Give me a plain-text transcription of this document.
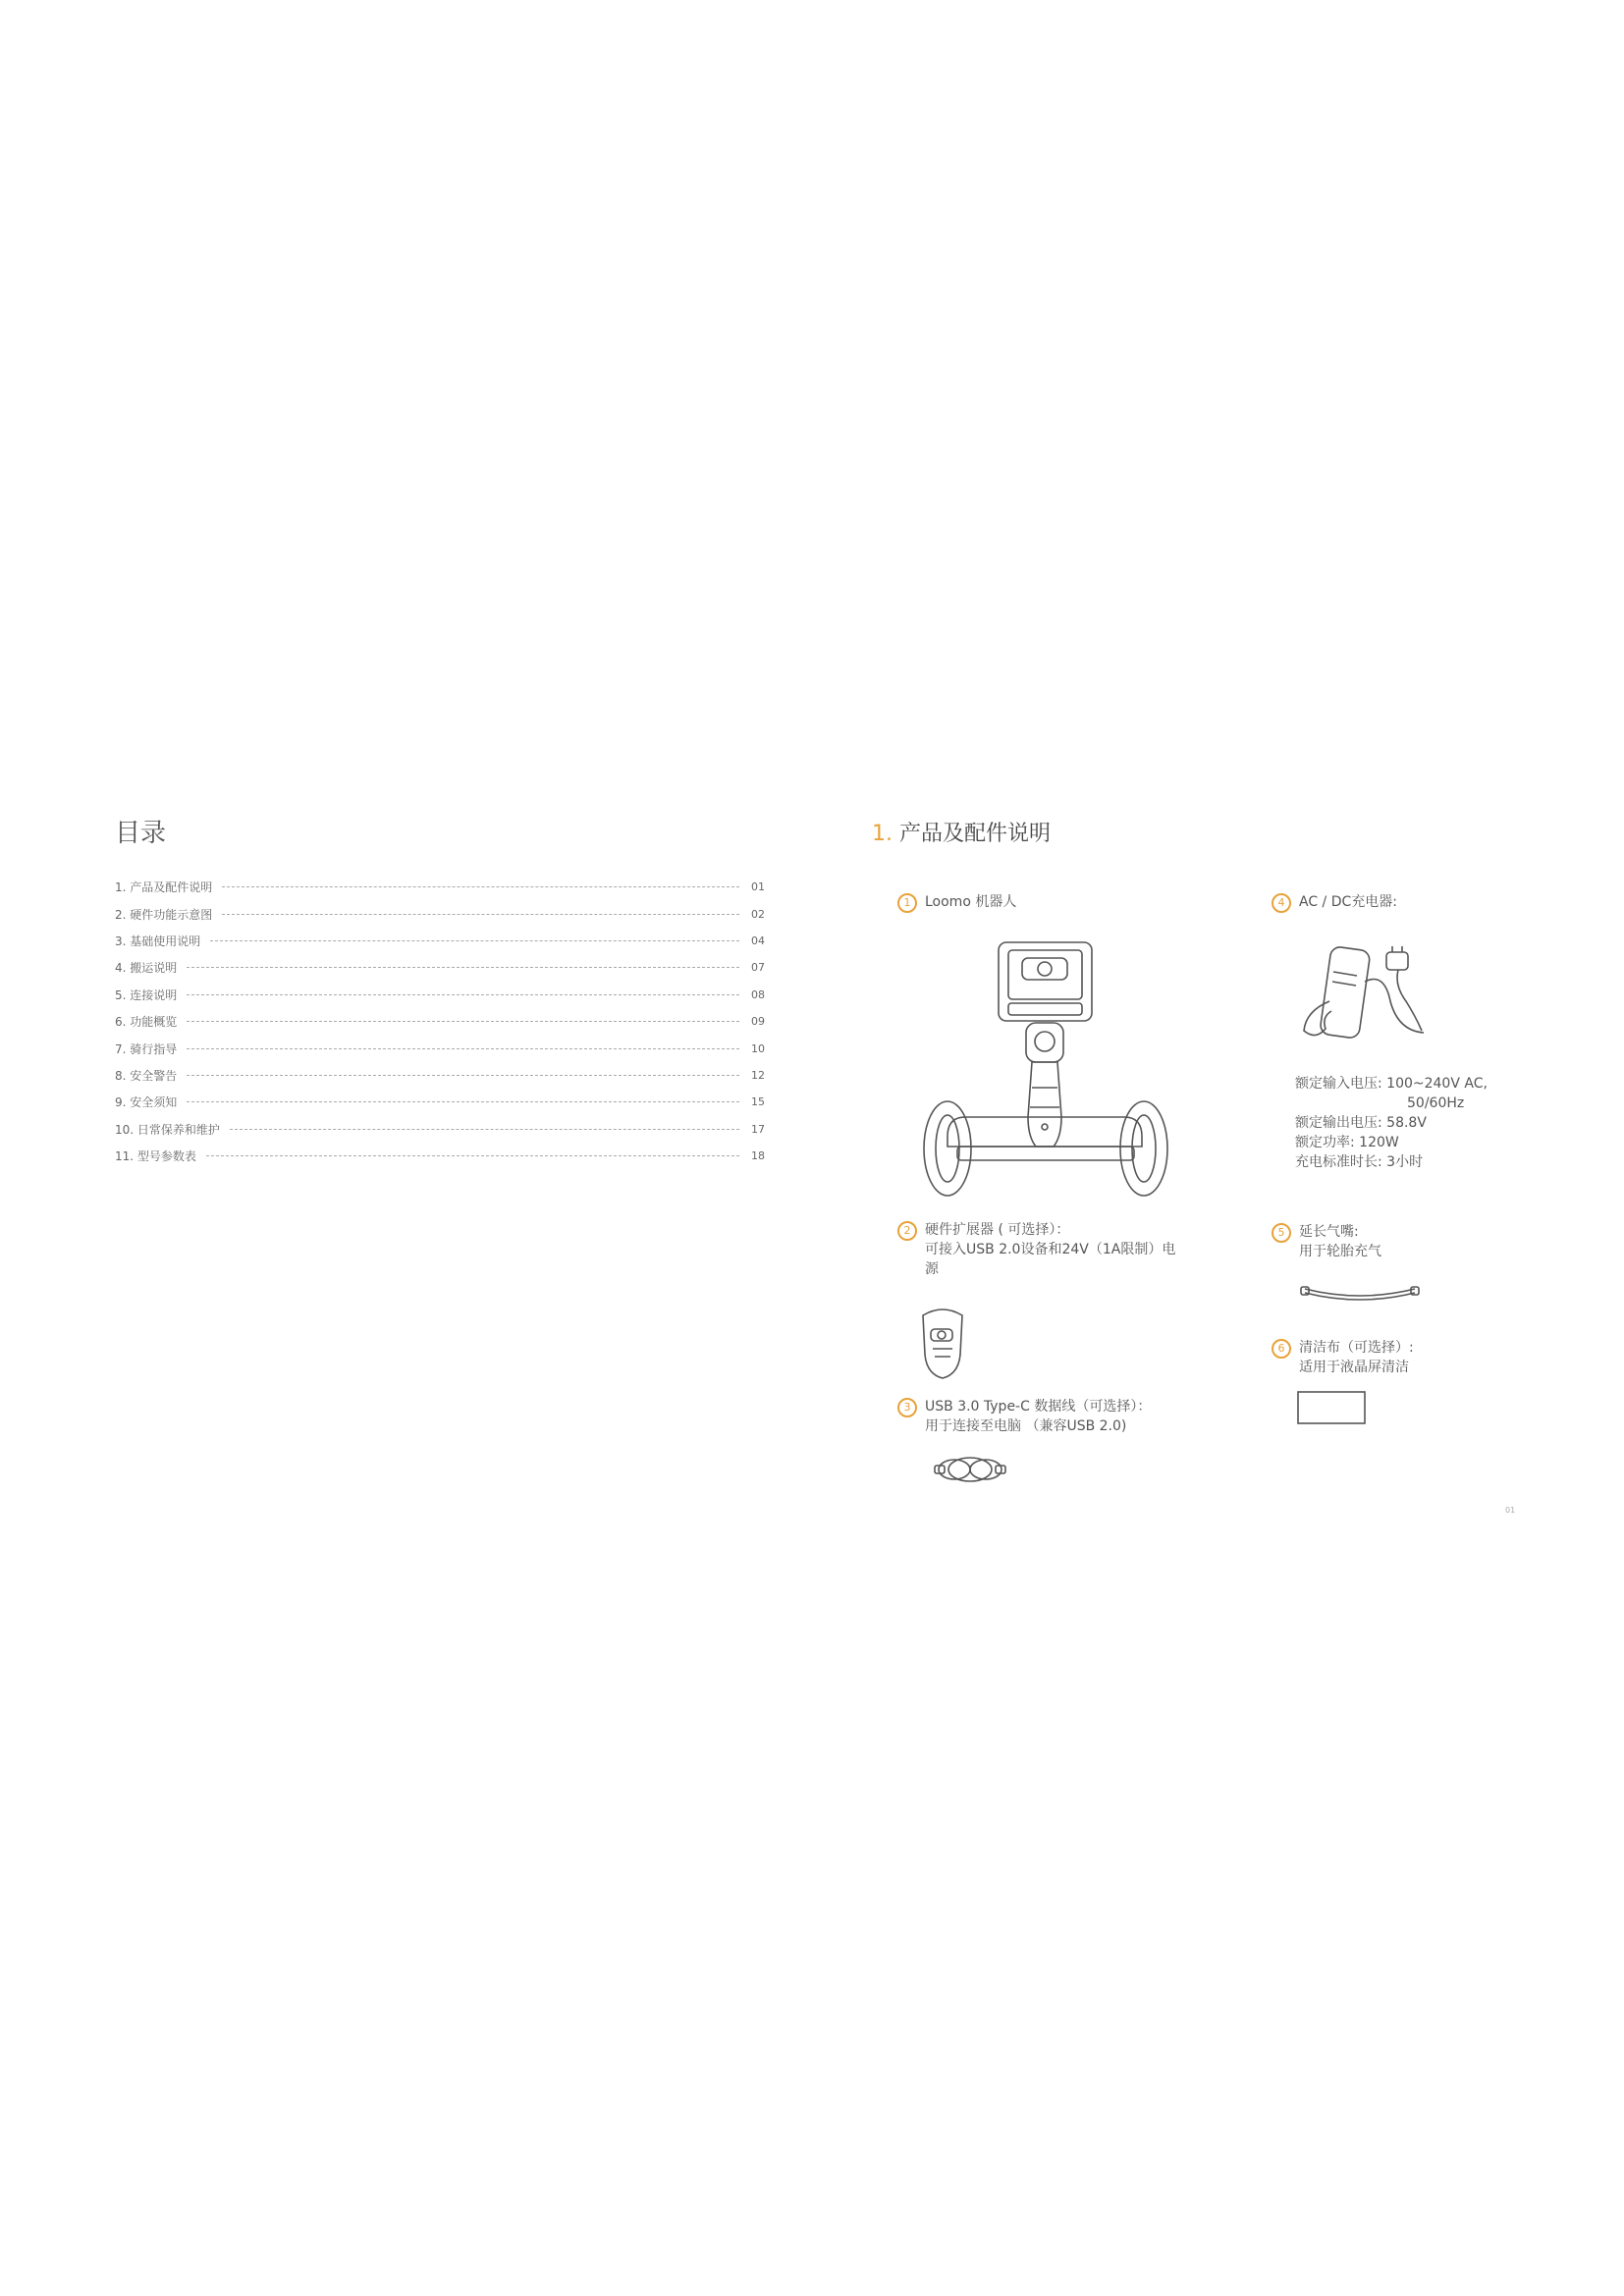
目录
1. 产品及配件说明	01
2. 硬件功能示意图	02
3. 基础使用说明	04
4. 搬运说明	07
5. 连接说明	08
6. 功能概览	09
7. 骑行指导	10
8. 安全警告	12
9. 安全须知	15
10. 日常保养和维护	17
11. 型号参数表	18
1. 产品及配件说明
1	Loomo 机器人
2	硬件扩展器 ( 可选择）：
可接入USB 2.0设备和24V（1A限制）电
源
3	USB 3.0 Type-C 数据线（可选择）：
用于连接至电脑 （兼容USB 2.0)
4	AC / DC充电器:
额定输入电压: 100~240V AC,
50/60Hz
额定输出电压: 58.8V
额定功率: 120W
充电标准时长: 3小时
5	延长气嘴:
用于轮胎充气
6	清洁布（可选择）:
适用于液晶屏清洁
01
